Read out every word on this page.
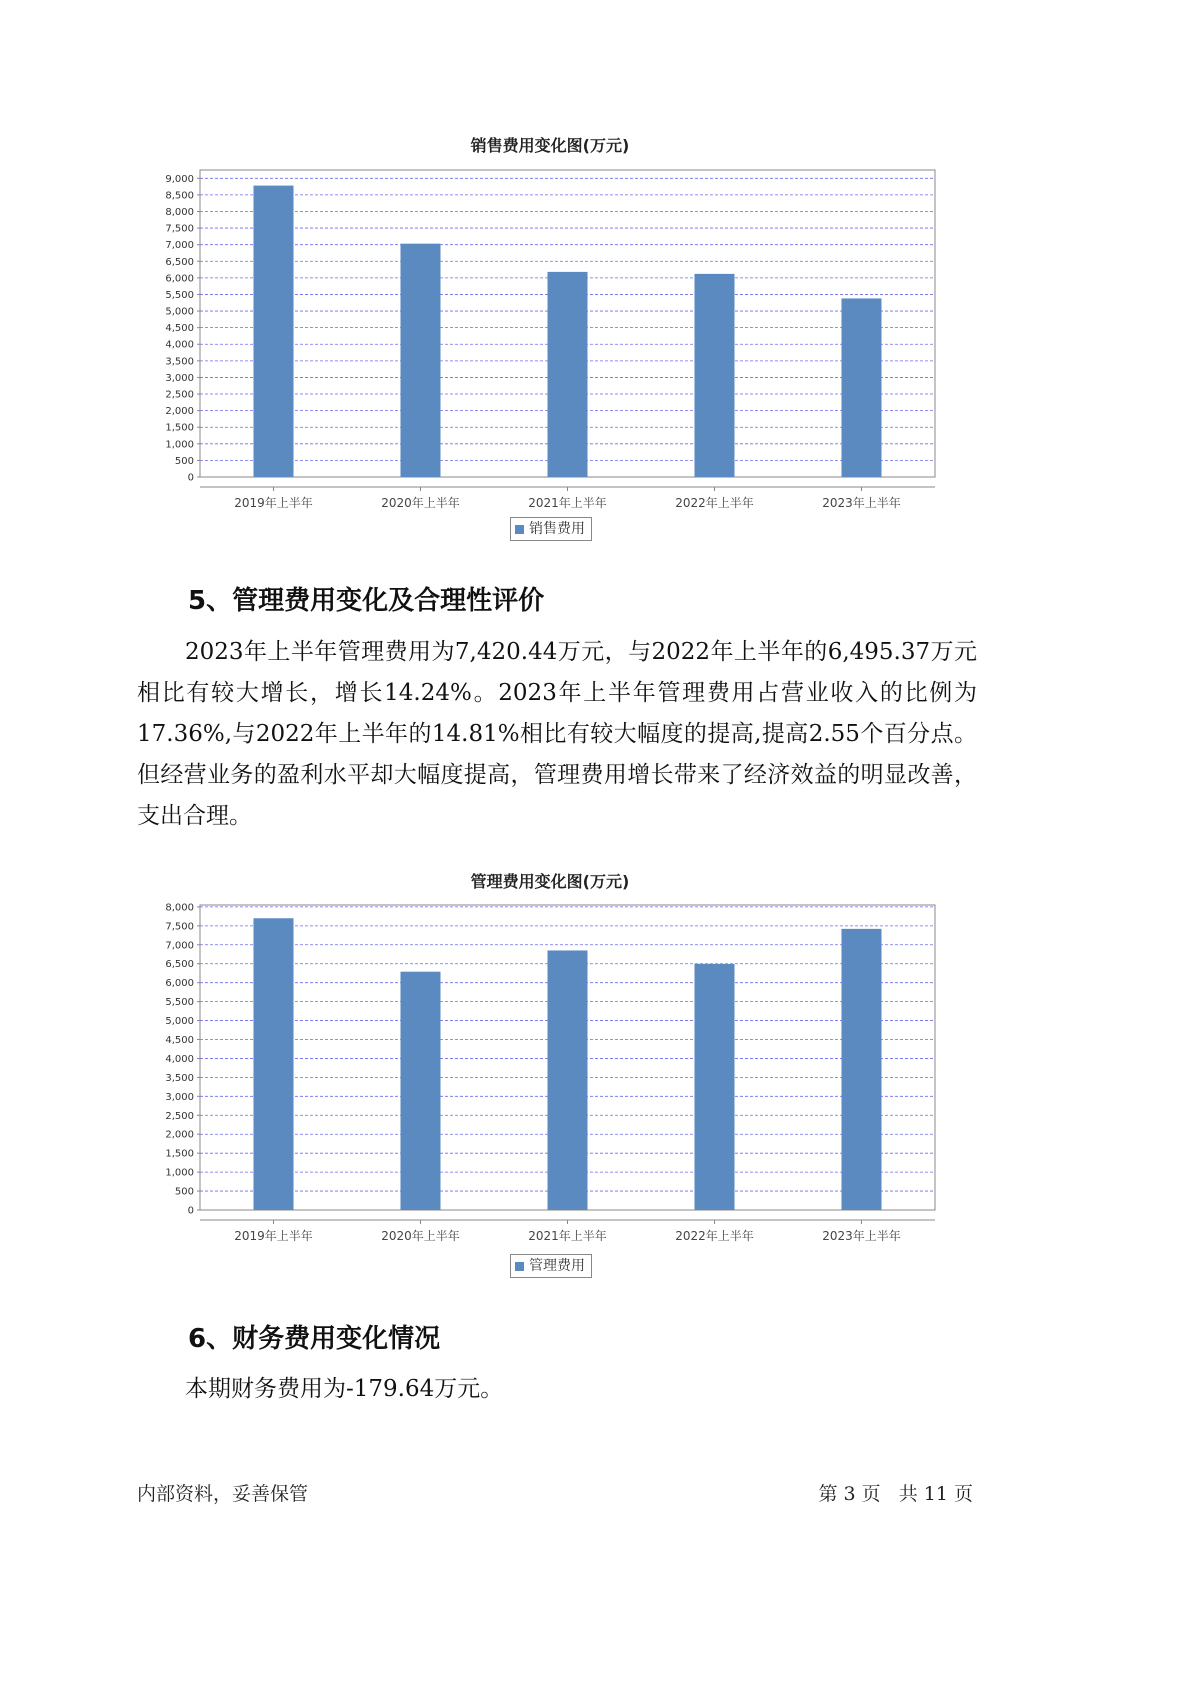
销售费用变化图(万元)
0
500
1,000
1,500
2,000
2,500
3,000
3,500
4,000
4,500
5,000
5,500
6,000
6,500
7,000
7,500
8,000
8,500
9,000
2019年上半年	2020年上半年	2021年上半年	2022年上半年	2023年上半年
销售费用
5、管理费用变化及合理性评价

2023年上半年管理费用为7,420.44万元，与2022年上半年的6,495.37万元相比有较大增长，增长14.24%。2023年上半年管理费用占营业收入的比例为17.36%,与2022年上半年的14.81%相比有较大幅度的提高,提高2.55个百分点。但经营业务的盈利水平却大幅度提高，管理费用增长带来了经济效益的明显改善，支出合理。

管理费用变化图(万元)
0
500
1,000
1,500
2,000
2,500
3,000
3,500
4,000
4,500
5,000
5,500
6,000
6,500
7,000
7,500
8,000
2019年上半年	2020年上半年	2021年上半年	2022年上半年	2023年上半年
管理费用
6、财务费用变化情况

本期财务费用为-179.64万元。

内部资料，妥善保管	第 3 页   共 11 页
